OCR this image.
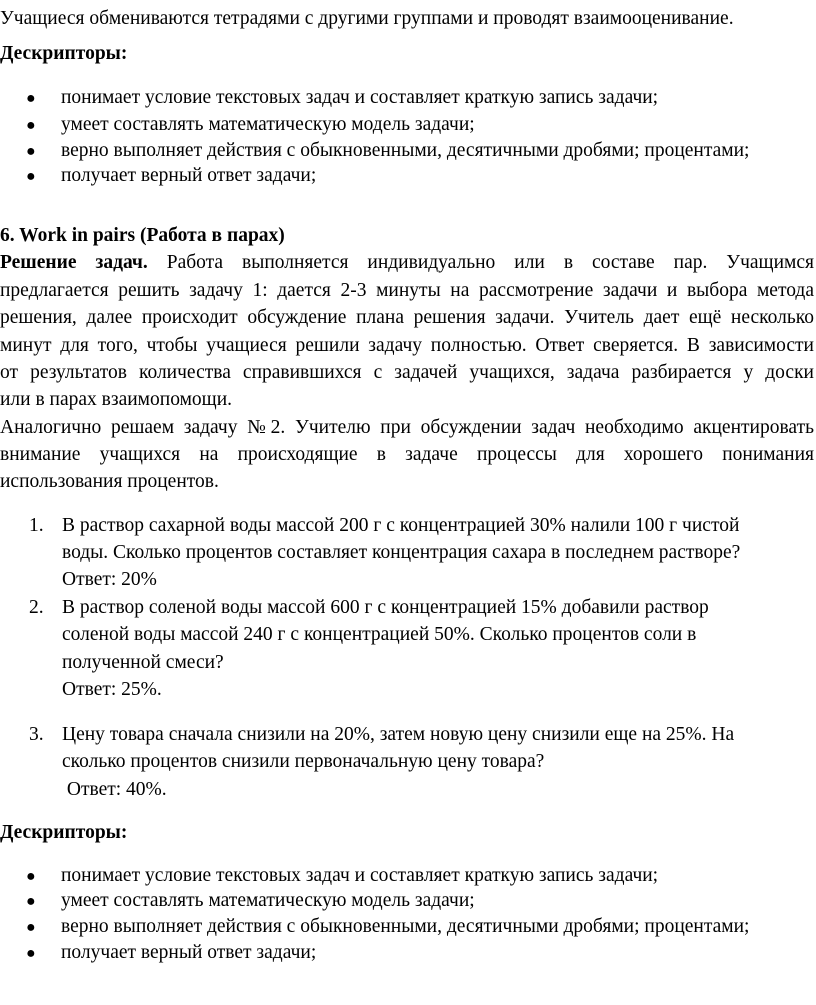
Учащиеся обмениваются тетрадями с другими группами и проводят взаимооценивание.
Дескрипторы:
● понимает условие текстовых задач и составляет краткую запись задачи;
● умеет составлять математическую модель задачи;
● верно выполняет действия с обыкновенными, десятичными дробями; процентами;
● получает верный ответ задачи;
6. Work in pairs (Работа в парах)
Решение задач. Работа выполняется индивидуально или в составе пар. Учащимся
предлагается решить задачу 1: дается 2-3 минуты на рассмотрение задачи и выбора метода
решения, далее происходит обсуждение плана решения задачи. Учитель дает ещё несколько
минут для того, чтобы учащиеся решили задачу полностью. Ответ сверяется. В зависимости
от результатов количества справившихся с задачей учащихся, задача разбирается у доски
или в парах взаимопомощи.
Аналогично решаем задачу №2. Учителю при обсуждении задач необходимо акцентировать
внимание учащихся на происходящие в задаче процессы для хорошего понимания
использования процентов.
1. В раствор сахарной воды массой 200 г с концентрацией 30% налили 100 г чистой
воды. Сколько процентов составляет концентрация сахара в последнем растворе?
Ответ: 20%
2. В раствор соленой воды массой 600 г с концентрацией 15% добавили раствор
соленой воды массой 240 г с концентрацией 50%. Сколько процентов соли в
полученной смеси?
Ответ: 25%.
3. Цену товара сначала снизили на 20%, затем новую цену снизили еще на 25%. На
сколько процентов снизили первоначальную цену товара?
Ответ: 40%.
Дескрипторы:
● понимает условие текстовых задач и составляет краткую запись задачи;
● умеет составлять математическую модель задачи;
● верно выполняет действия с обыкновенными, десятичными дробями; процентами;
● получает верный ответ задачи;
